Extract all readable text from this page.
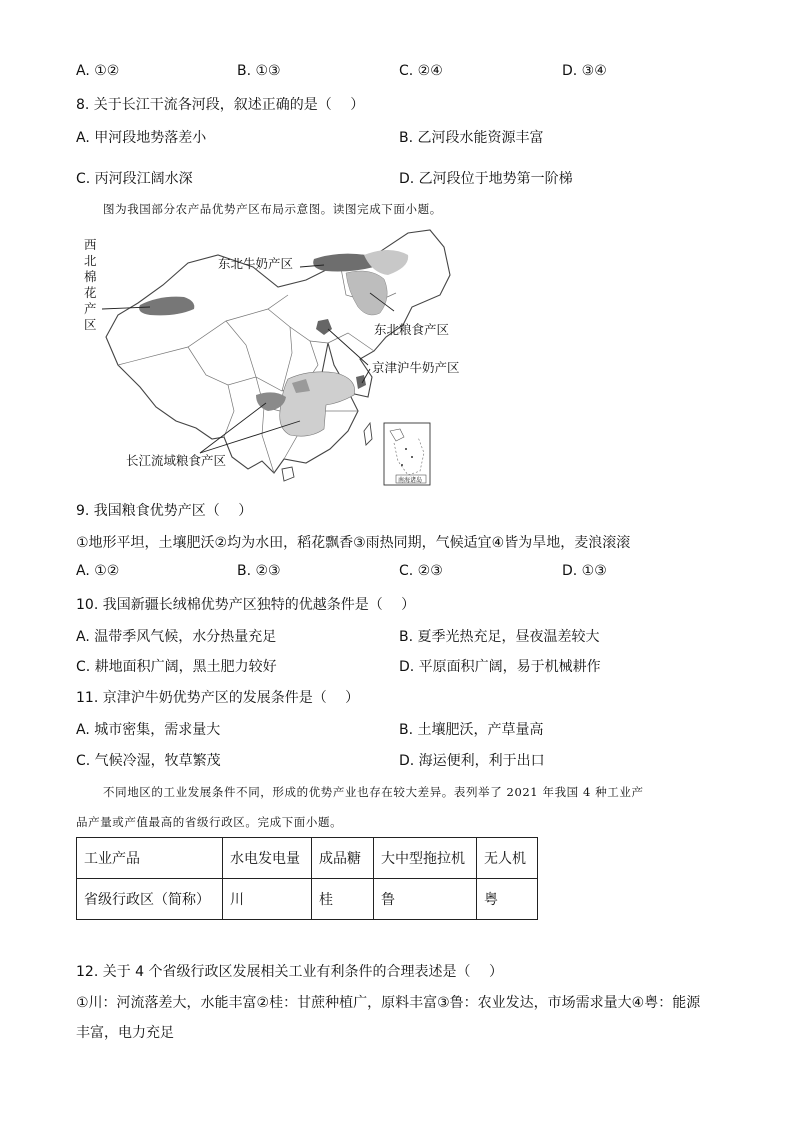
A. ①②	B. ①③	C. ②④	D. ③④
8. 关于长江干流各河段，叙述正确的是（　 ）
A. 甲河段地势落差小	B. 乙河段水能资源丰富
C. 丙河段江阔水深	D. 乙河段位于地势第一阶梯
图为我国部分农产品优势产区布局示意图。读图完成下面小题。
东北牛奶产区
东北粮食产区
京津沪牛奶产区
长江流域粮食产区
西
北
棉
花
产
区
南海诸岛
9. 我国粮食优势产区（　 ）
①地形平坦，土壤肥沃②均为水田，稻花飘香③雨热同期，气候适宜④皆为旱地，麦浪滚滚
A. ①②	B. ②③	C. ②③	D. ①③
10. 我国新疆长绒棉优势产区独特的优越条件是（　 ）
A. 温带季风气候，水分热量充足	B. 夏季光热充足，昼夜温差较大
C. 耕地面积广阔，黑土肥力较好	D. 平原面积广阔，易于机械耕作
11. 京津沪牛奶优势产区的发展条件是（　 ）
A. 城市密集，需求量大	B. 土壤肥沃，产草量高
C. 气候冷湿，牧草繁茂	D. 海运便利，利于出口
不同地区的工业发展条件不同，形成的优势产业也存在较大差异。表列举了 2021 年我国 4 种工业产
品产量或产值最高的省级行政区。完成下面小题。
工业产品	水电发电量	成品糖	大中型拖拉机	无人机
省级行政区（简称）	川	桂	鲁	粤
12. 关于 4 个省级行政区发展相关工业有利条件的合理表述是（　 ）
①川：河流落差大，水能丰富②桂：甘蔗种植广，原料丰富③鲁：农业发达，市场需求量大④粤：能源
丰富，电力充足
